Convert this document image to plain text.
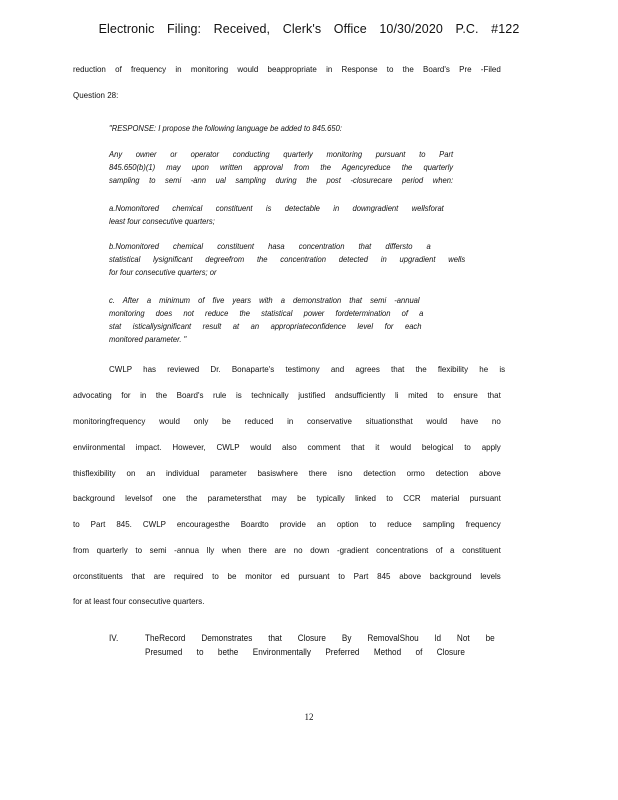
Electronic Filing: Received, Clerk's Office 10/30/2020 P.C. #122
reduction of frequency in monitoring would beappropriate in Response to the Board's Pre -Filed
Question 28:
"RESPONSE: I propose the following language be added to 845.650:
Any owner or operator conducting quarterly monitoring pursuant to Part
845.650(b)(1) may upon written approval from the Agencyreduce the quarterly
sampling to semi -ann ual sampling during the post -closurecare period when:
a.Nomonitored chemical constituent is detectable in downgradient wellsforat
least four consecutive quarters;
b.Nomonitored chemical constituent hasa concentration that differsto a
statistical lysignificant degreefrom the concentration detected in upgradient wells
for four consecutive quarters; or
c. After a minimum of five years with a demonstration that semi -annual
monitoring does not reduce the statistical power fordetermination of a
stat isticallysignificant result at an appropriateconfidence level for each
monitored parameter. "
CWLP has reviewed Dr. Bonaparte's testimony and agrees that the flexibility he is
advocating for in the Board's rule is technically justified andsufficiently li mited to ensure that
monitoringfrequency would only be reduced in conservative situationsthat would have no
enviironmental impact. However, CWLP would also comment that it would belogical to apply
thisflexibility on an individual parameter basiswhere there isno detection ormo detection above
background levelsof one the parametersthat may be typically linked to CCR material pursuant
to Part 845. CWLP encouragesthe Boardto provide an option to reduce sampling frequency
from quarterly to semi -annua lly when there are no down -gradient concentrations of a constituent
orconstituents that are required to be monitor ed pursuant to Part 845 above background levels
for at least four consecutive quarters.
IV.	TheRecord Demonstrates that Closure By RemovalShou ld Not be
Presumed to bethe Environmentally Preferred Method of Closure
12
